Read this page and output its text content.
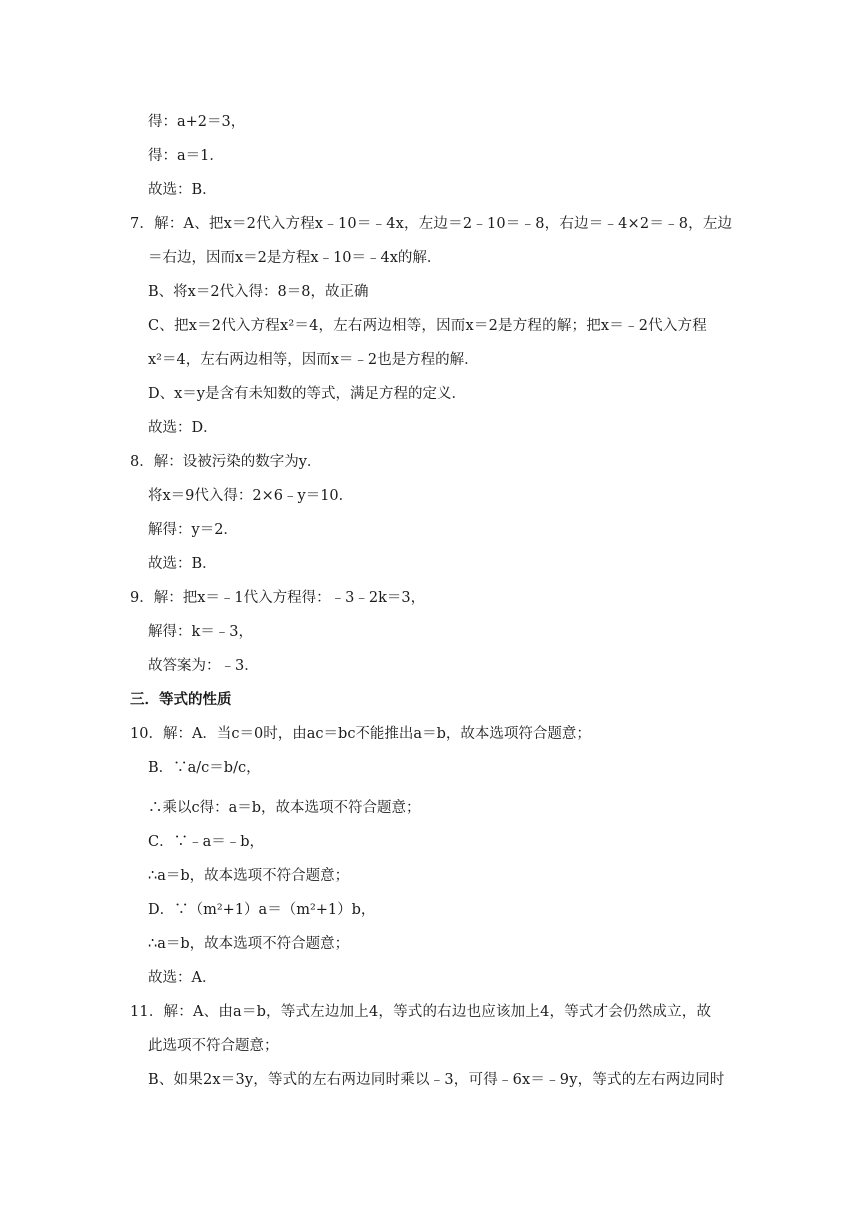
得：a+2＝3，
得：a＝1．
故选：B．
7．解：A、把x＝2代入方程x﹣10＝﹣4x，左边＝2﹣10＝﹣8，右边＝﹣4×2＝﹣8，左边
＝右边，因而x＝2是方程x﹣10＝﹣4x的解．
B、将x＝2代入得：8＝8，故正确
C、把x＝2代入方程x²＝4，左右两边相等，因而x＝2是方程的解；把x＝﹣2代入方程
x²＝4，左右两边相等，因而x＝﹣2也是方程的解．
D、x＝y是含有未知数的等式，满足方程的定义．
故选：D．
8．解：设被污染的数字为y．
将x＝9代入得：2×6﹣y＝10．
解得：y＝2．
故选：B．
9．解：把x＝﹣1代入方程得：﹣3﹣2k＝3，
解得：k＝﹣3，
故答案为：﹣3．
三．等式的性质
10．解：A．当c＝0时，由ac＝bc不能推出a＝b，故本选项符合题意；
B．∵a/c＝b/c，
∴乘以c得：a＝b，故本选项不符合题意；
C．∵﹣a＝﹣b，
∴a＝b，故本选项不符合题意；
D．∵（m²+1）a＝（m²+1）b，
∴a＝b，故本选项不符合题意；
故选：A．
11．解：A、由a＝b，等式左边加上4，等式的右边也应该加上4，等式才会仍然成立，故
此选项不符合题意；
B、如果2x＝3y，等式的左右两边同时乘以﹣3，可得﹣6x＝﹣9y，等式的左右两边同时
